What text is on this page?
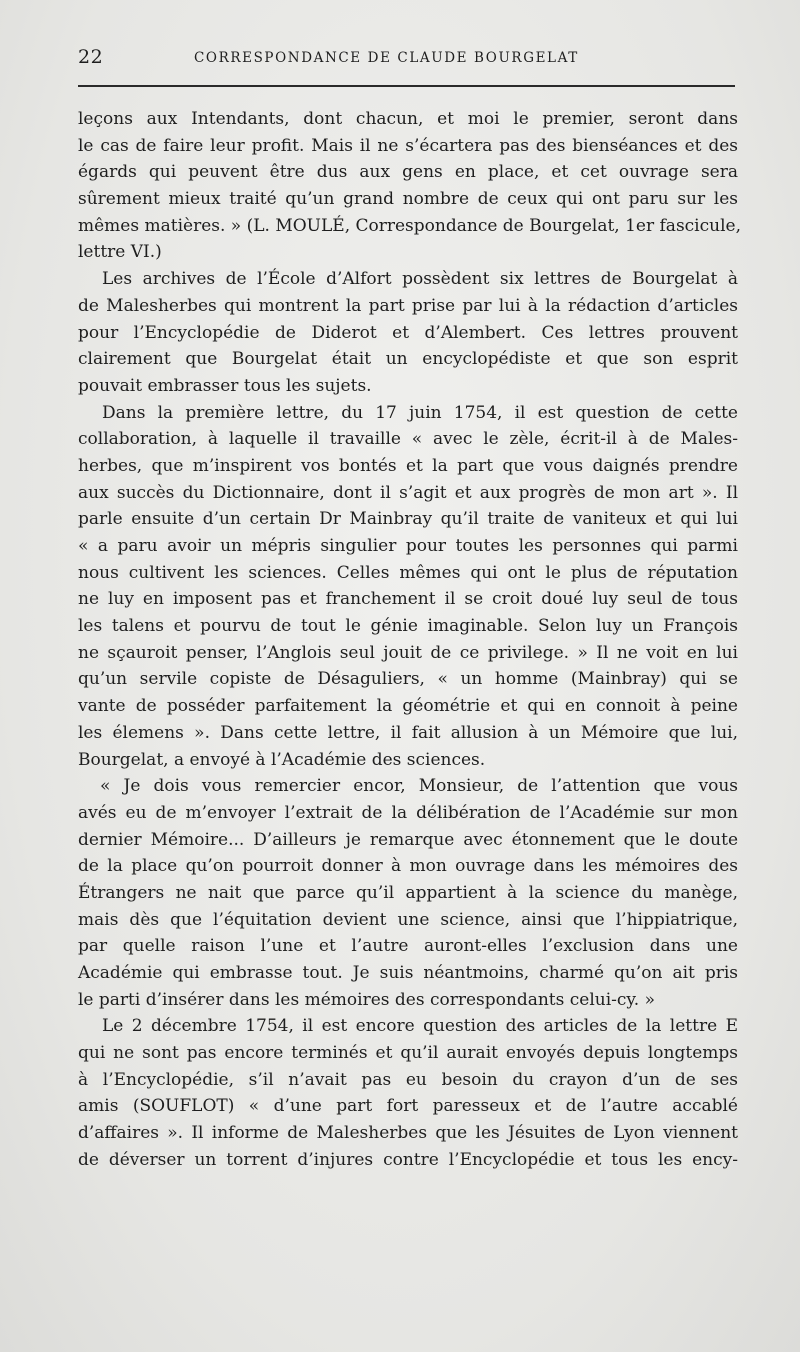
22	CORRESPONDANCE DE CLAUDE BOURGELAT
leçons aux Intendants, dont chacun, et moi le premier, seront dans
le cas de faire leur profit. Mais il ne s’écartera pas des bienséances et des
égards qui peuvent être dus aux gens en place, et cet ouvrage sera
sûrement mieux traité qu’un grand nombre de ceux qui ont paru sur les
mêmes matières. » (L. MOULÉ, Correspondance de Bourgelat, 1er fascicule,
lettre VI.)
Les archives de l’École d’Alfort possèdent six lettres de Bourgelat à
de Malesherbes qui montrent la part prise par lui à la rédaction d’articles
pour l’Encyclopédie de Diderot et d’Alembert. Ces lettres prouvent
clairement que Bourgelat était un encyclopédiste et que son esprit
pouvait embrasser tous les sujets.
Dans la première lettre, du 17 juin 1754, il est question de cette
collaboration, à laquelle il travaille « avec le zèle, écrit-il à de Males-
herbes, que m’inspirent vos bontés et la part que vous daignés prendre
aux succès du Dictionnaire, dont il s’agit et aux progrès de mon art ». Il
parle ensuite d’un certain Dr Mainbray qu’il traite de vaniteux et qui lui
« a paru avoir un mépris singulier pour toutes les personnes qui parmi
nous cultivent les sciences. Celles mêmes qui ont le plus de réputation
ne luy en imposent pas et franchement il se croit doué luy seul de tous
les talens et pourvu de tout le génie imaginable. Selon luy un François
ne sçauroit penser, l’Anglois seul jouit de ce privilege. » Il ne voit en lui
qu’un servile copiste de Désaguliers, « un homme (Mainbray) qui se
vante de posséder parfaitement la géométrie et qui en connoit à peine
les élemens ». Dans cette lettre, il fait allusion à un Mémoire que lui,
Bourgelat, a envoyé à l’Académie des sciences.
« Je dois vous remercier encor, Monsieur, de l’attention que vous
avés eu de m’envoyer l’extrait de la délibération de l’Académie sur mon
dernier Mémoire... D’ailleurs je remarque avec étonnement que le doute
de la place qu’on pourroit donner à mon ouvrage dans les mémoires des
Étrangers ne nait que parce qu’il appartient à la science du manège,
mais dès que l’équitation devient une science, ainsi que l’hippiatrique,
par quelle raison l’une et l’autre auront-elles l’exclusion dans une
Académie qui embrasse tout. Je suis néantmoins, charmé qu’on ait pris
le parti d’insérer dans les mémoires des correspondants celui-cy. »
Le 2 décembre 1754, il est encore question des articles de la lettre E
qui ne sont pas encore terminés et qu’il aurait envoyés depuis longtemps
à l’Encyclopédie, s’il n’avait pas eu besoin du crayon d’un de ses
amis (SOUFLOT) « d’une part fort paresseux et de l’autre accablé
d’affaires ». Il informe de Malesherbes que les Jésuites de Lyon viennent
de déverser un torrent d’injures contre l’Encyclopédie et tous les ency-
